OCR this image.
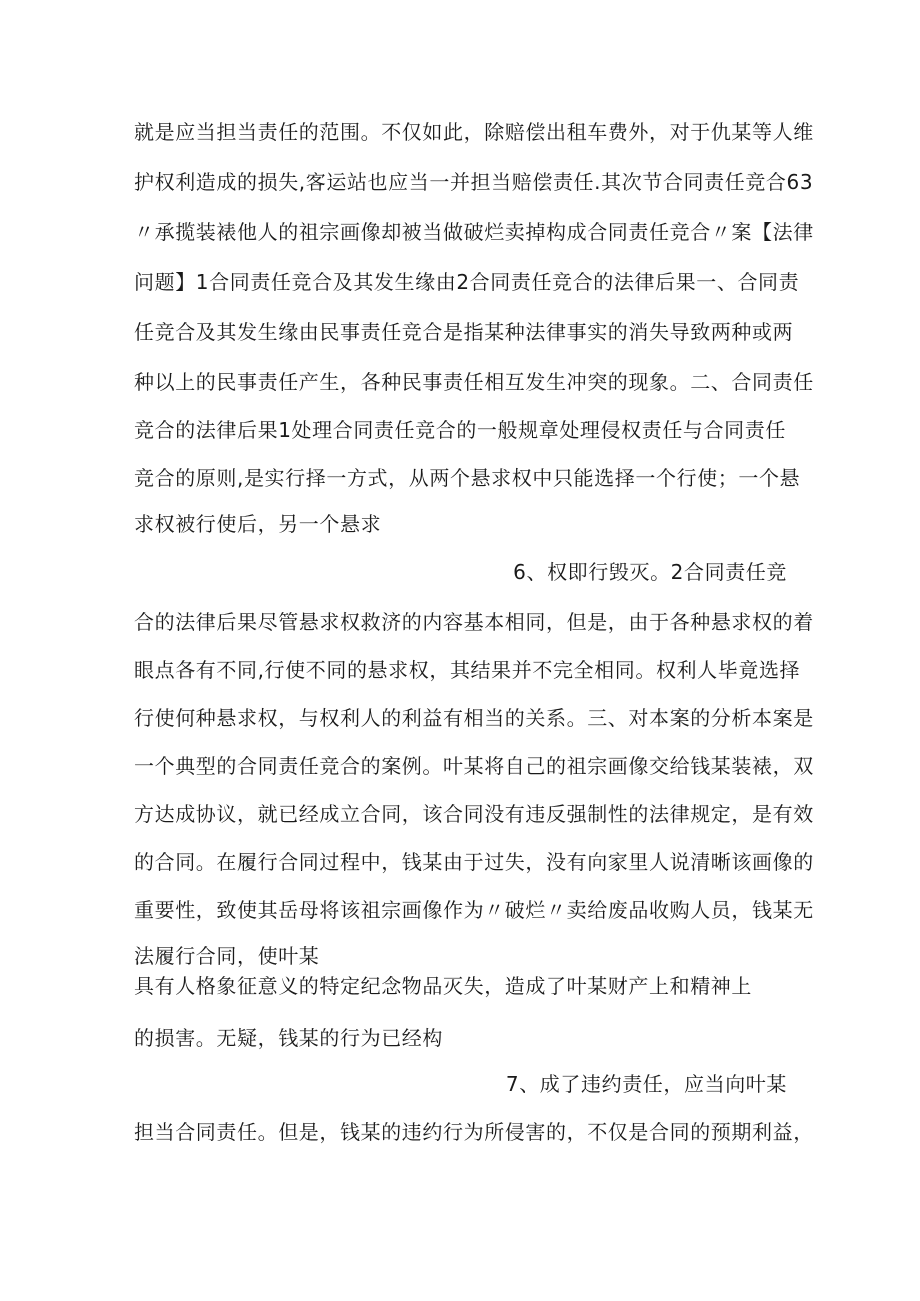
就是应当担当责任的范围。不仅如此，除赔偿出租车费外，对于仇某等人维
护权利造成的损失,客运站也应当一并担当赔偿责任.其次节合同责任竞合63
〃承揽装裱他人的祖宗画像却被当做破烂卖掉构成合同责任竞合〃案【法律
问题】1合同责任竞合及其发生缘由2合同责任竞合的法律后果一、合同责
任竞合及其发生缘由民事责任竞合是指某种法律事实的消失导致两种或两
种以上的民事责任产生，各种民事责任相互发生冲突的现象。二、合同责任
竞合的法律后果1处理合同责任竞合的一般规章处理侵权责任与合同责任
竞合的原则,是实行择一方式，从两个悬求权中只能选择一个行使；一个悬
求权被行使后，另一个悬求
6、权即行毁灭。2合同责任竞
合的法律后果尽管悬求权救济的内容基本相同，但是，由于各种悬求权的着
眼点各有不同,行使不同的悬求权，其结果并不完全相同。权利人毕竟选择
行使何种悬求权，与权利人的利益有相当的关系。三、对本案的分析本案是
一个典型的合同责任竞合的案例。叶某将自己的祖宗画像交给钱某装裱，双
方达成协议，就已经成立合同，该合同没有违反强制性的法律规定，是有效
的合同。在履行合同过程中，钱某由于过失，没有向家里人说清晰该画像的
重要性，致使其岳母将该祖宗画像作为〃破烂〃卖给废品收购人员，钱某无
法履行合同，使叶某
具有人格象征意义的特定纪念物品灭失，造成了叶某财产上和精神上
的损害。无疑，钱某的行为已经构
7、成了违约责任，应当向叶某
担当合同责任。但是，钱某的违约行为所侵害的，不仅是合同的预期利益，
